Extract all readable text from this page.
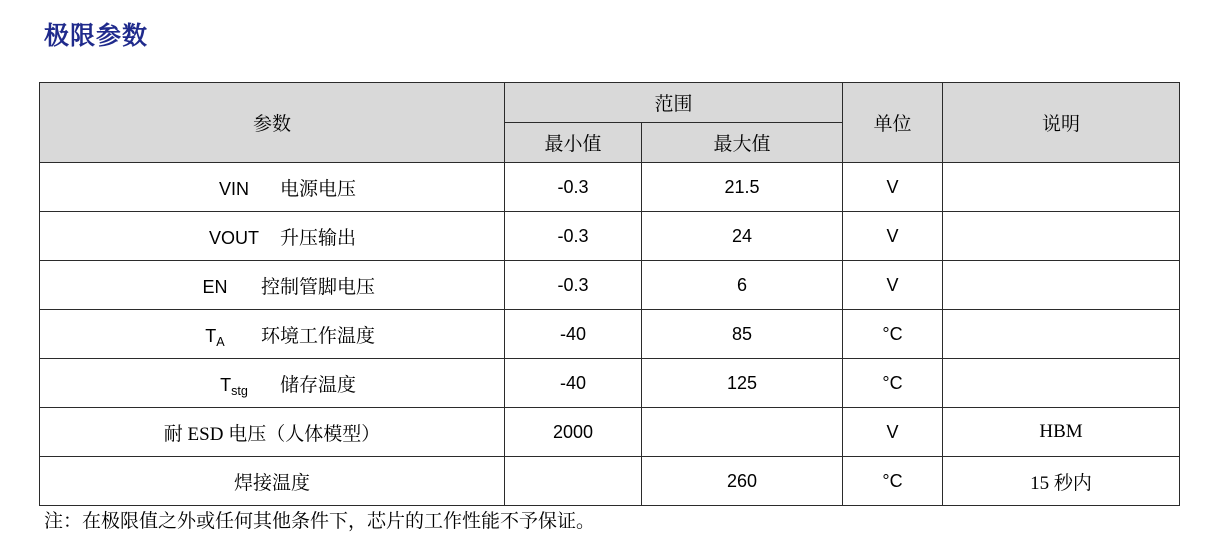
极限参数
参数	范围		单位	说明
	最小值	最大值		
VIN 电源电压	-0.3	21.5	V	
VOUT 升压输出	-0.3	24	V	
EN 控制管脚电压	-0.3	6	V	
$T_A$ 环境工作温度	-40	85	°C	
$T_{stg}$ 储存温度	-40	125	°C	
耐 ESD 电压（人体模型）	2000		V	HBM
焊接温度		260	°C	15 秒内
注：在极限值之外或任何其他条件下，芯片的工作性能不予保证。
